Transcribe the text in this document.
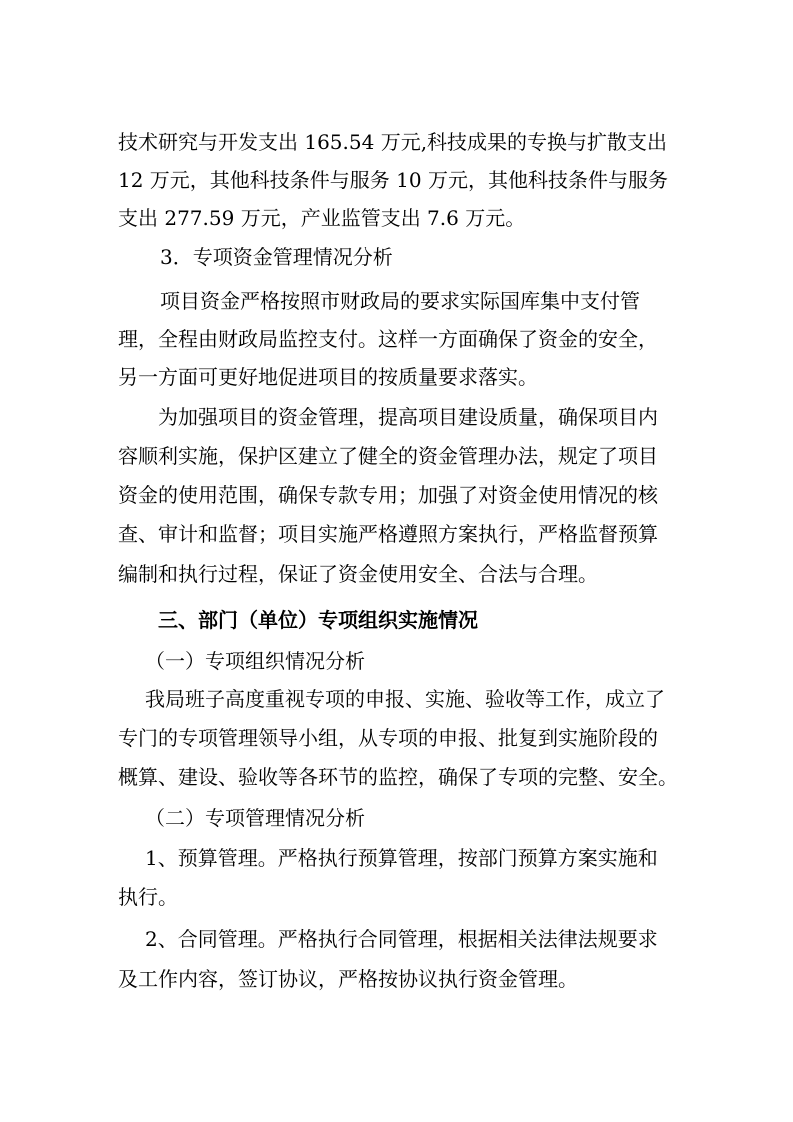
技术研究与开发支出 165.54 万元,科技成果的专换与扩散支出
12 万元，其他科技条件与服务 10 万元，其他科技条件与服务
支出 277.59 万元，产业监管支出 7.6 万元。
3．专项资金管理情况分析
项目资金严格按照市财政局的要求实际国库集中支付管
理，全程由财政局监控支付。这样一方面确保了资金的安全，
另一方面可更好地促进项目的按质量要求落实。
为加强项目的资金管理，提高项目建设质量，确保项目内
容顺利实施，保护区建立了健全的资金管理办法，规定了项目
资金的使用范围，确保专款专用；加强了对资金使用情况的核
查、审计和监督；项目实施严格遵照方案执行，严格监督预算
编制和执行过程，保证了资金使用安全、合法与合理。
三、部门（单位）专项组织实施情况
（一）专项组织情况分析
我局班子高度重视专项的申报、实施、验收等工作，成立了
专门的专项管理领导小组，从专项的申报、批复到实施阶段的
概算、建设、验收等各环节的监控，确保了专项的完整、安全。
（二）专项管理情况分析
1、预算管理。严格执行预算管理，按部门预算方案实施和
执行。
2、合同管理。严格执行合同管理，根据相关法律法规要求
及工作内容，签订协议，严格按协议执行资金管理。
